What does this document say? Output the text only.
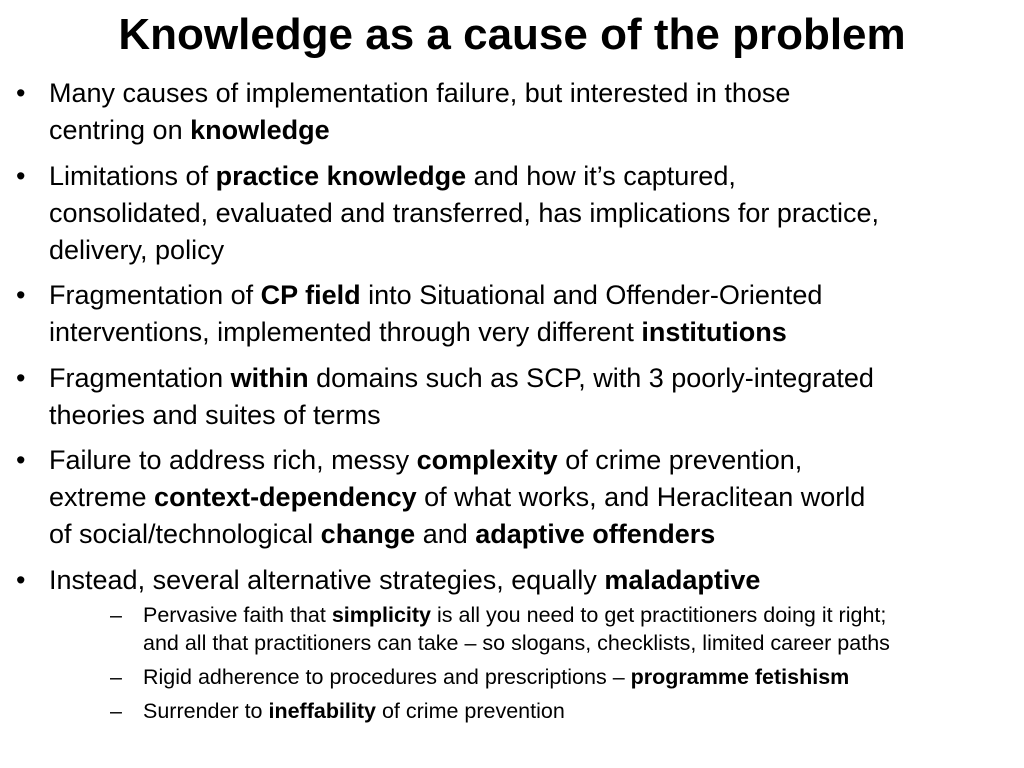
Knowledge as a cause of the problem
• Many causes of implementation failure, but interested in those
centring on knowledge
• Limitations of practice knowledge and how it’s captured,
consolidated, evaluated and transferred, has implications for practice,
delivery, policy
• Fragmentation of CP field into Situational and Offender-Oriented
interventions, implemented through very different institutions
• Fragmentation within domains such as SCP, with 3 poorly-integrated
theories and suites of terms
• Failure to address rich, messy complexity of crime prevention,
extreme context-dependency of what works, and Heraclitean world
of social/technological change and adaptive offenders
• Instead, several alternative strategies, equally maladaptive
– Pervasive faith that simplicity is all you need to get practitioners doing it right;
and all that practitioners can take – so slogans, checklists, limited career paths
– Rigid adherence to procedures and prescriptions – programme fetishism
– Surrender to ineffability of crime prevention
